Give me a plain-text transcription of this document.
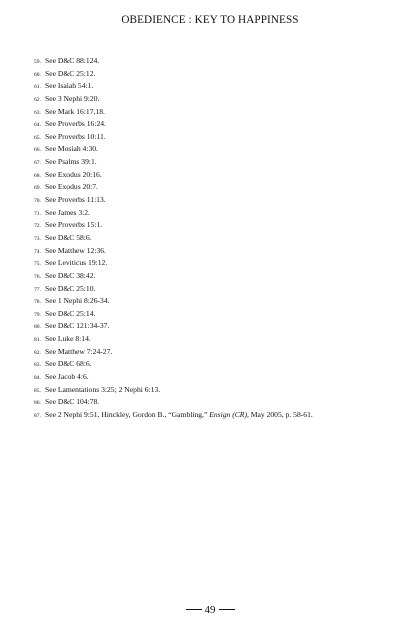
OBEDIENCE : KEY TO HAPPINESS
59. See D&C 88:124.
60. See D&C 25:12.
61. See Isaiah 54:1.
62. See 3 Nephi 9:20.
63. See Mark 16:17,18.
64. See Proverbs 16:24.
65. See Proverbs 10:11.
66. See Mosiah 4:30.
67. See Psalms 39:1.
68. See Exodus 20:16.
69. See Exodus 20:7.
70. See Proverbs 11:13.
71. See James 3:2.
72. See Proverbs 15:1.
73. See D&C 58:6.
74. See Matthew 12:36.
75. See Leviticus 19:12.
76. See D&C 38:42.
77. See D&C 25:10.
78. See 1 Nephi 8:26-34.
79. See D&C 25:14.
80. See D&C 121:34-37.
81. See Luke 8:14.
82. See Matthew 7:24-27.
83. See D&C 68:6.
84. See Jacob 4:6.
85. See Lamentations 3:25; 2 Nephi 6:13.
86. See D&C 104:78.
87. See 2 Nephi 9:51, Hinckley, Gordon B., “Gambling,” Ensign (CR), May 2005, p. 58-61.
49
